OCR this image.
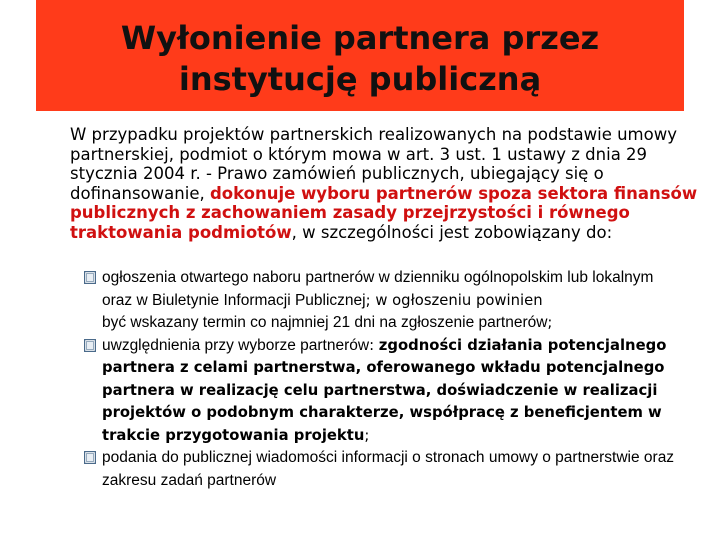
Wyłonienie partnera przez
instytucję publiczną

W przypadku projektów partnerskich realizowanych na podstawie umowy partnerskiej, podmiot o którym mowa w art. 3 ust. 1 ustawy z dnia 29 stycznia 2004 r. - Prawo zamówień publicznych, ubiegający się o dofinansowanie, dokonuje wyboru partnerów spoza sektora finansów publicznych z zachowaniem zasady przejrzystości i równego traktowania podmiotów, w szczególności jest zobowiązany do:

ogłoszenia otwartego naboru partnerów w dzienniku ogólnopolskim lub lokalnym oraz w Biuletynie Informacji Publicznej; w ogłoszeniu powinien
być wskazany termin co najmniej 21 dni na zgłoszenie partnerów;
uwzględnienia przy wyborze partnerów: zgodności działania potencjalnego partnera z celami partnerstwa, oferowanego wkładu potencjalnego partnera w realizację celu partnerstwa, doświadczenie w realizacji projektów o podobnym charakterze, współpracę z beneficjentem w trakcie przygotowania projektu;
podania do publicznej wiadomości informacji o stronach umowy o partnerstwie oraz zakresu zadań partnerów
